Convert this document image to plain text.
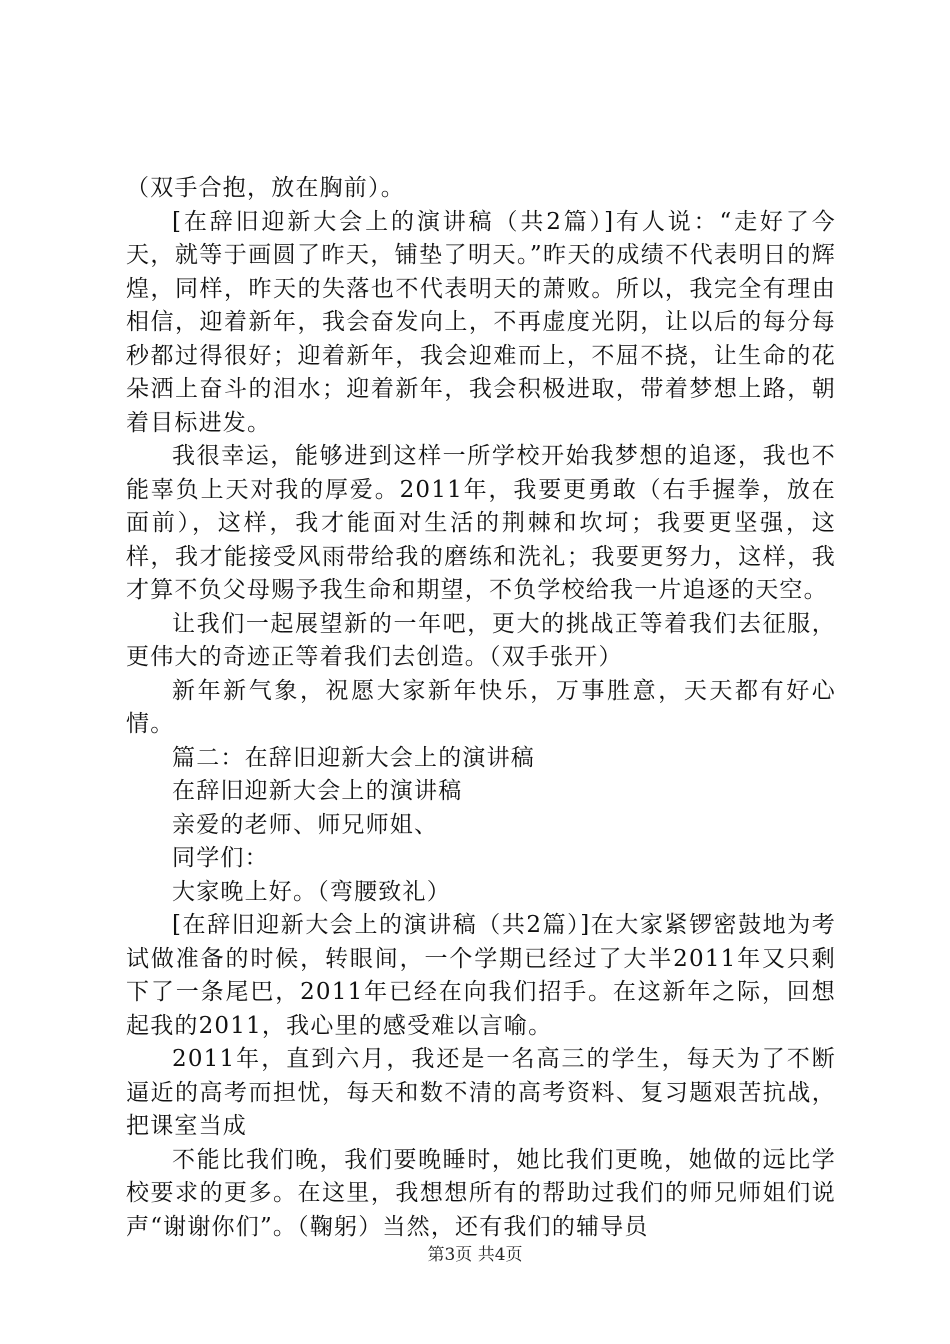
（双手合抱，放在胸前）。

[在辞旧迎新大会上的演讲稿（共2篇）]有人说：“走好了今天，就等于画圆了昨天，铺垫了明天。”昨天的成绩不代表明日的辉煌，同样，昨天的失落也不代表明天的萧败。所以，我完全有理由相信，迎着新年，我会奋发向上，不再虚度光阴，让以后的每分每秒都过得很好；迎着新年，我会迎难而上，不屈不挠，让生命的花朵洒上奋斗的泪水；迎着新年，我会积极进取，带着梦想上路，朝着目标进发。

我很幸运，能够进到这样一所学校开始我梦想的追逐，我也不能辜负上天对我的厚爱。2011年，我要更勇敢（右手握拳，放在面前），这样，我才能面对生活的荆棘和坎坷；我要更坚强，这样，我才能接受风雨带给我的磨练和洗礼；我要更努力，这样，我才算不负父母赐予我生命和期望，不负学校给我一片追逐的天空。

让我们一起展望新的一年吧，更大的挑战正等着我们去征服，更伟大的奇迹正等着我们去创造。（双手张开）

新年新气象，祝愿大家新年快乐，万事胜意，天天都有好心情。

篇二：在辞旧迎新大会上的演讲稿

在辞旧迎新大会上的演讲稿

亲爱的老师、师兄师姐、

同学们：

大家晚上好。（弯腰致礼）

[在辞旧迎新大会上的演讲稿（共2篇）]在大家紧锣密鼓地为考试做准备的时候，转眼间，一个学期已经过了大半2011年又只剩下了一条尾巴，2011年已经在向我们招手。在这新年之际，回想起我的2011，我心里的感受难以言喻。

2011年，直到六月，我还是一名高三的学生，每天为了不断逼近的高考而担忧，每天和数不清的高考资料、复习题艰苦抗战，把课室当成

不能比我们晚，我们要晚睡时，她比我们更晚，她做的远比学校要求的更多。在这里，我想想所有的帮助过我们的师兄师姐们说声“谢谢你们”。（鞠躬）当然，还有我们的辅导员

第3页 共4页
